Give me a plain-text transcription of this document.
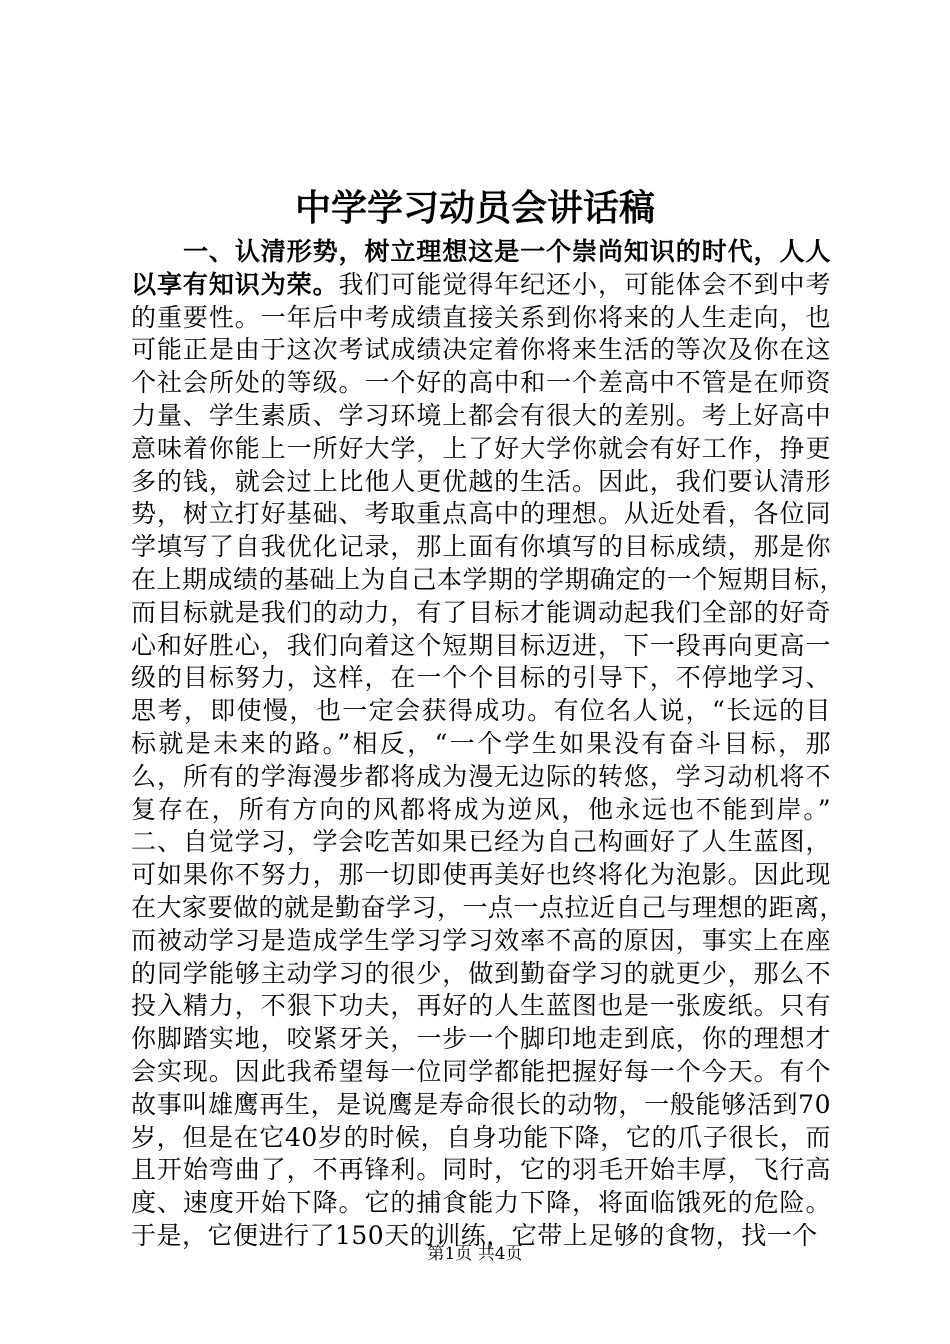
中学学习动员会讲话稿
一、认清形势，树立理想这是一个崇尚知识的时代，人人
以享有知识为荣。我们可能觉得年纪还小，可能体会不到中考
的重要性。一年后中考成绩直接关系到你将来的人生走向，也
可能正是由于这次考试成绩决定着你将来生活的等次及你在这
个社会所处的等级。一个好的高中和一个差高中不管是在师资
力量、学生素质、学习环境上都会有很大的差别。考上好高中
意味着你能上一所好大学，上了好大学你就会有好工作，挣更
多的钱，就会过上比他人更优越的生活。因此，我们要认清形
势，树立打好基础、考取重点高中的理想。从近处看，各位同
学填写了自我优化记录，那上面有你填写的目标成绩，那是你
在上期成绩的基础上为自己本学期的学期确定的一个短期目标，
而目标就是我们的动力，有了目标才能调动起我们全部的好奇
心和好胜心，我们向着这个短期目标迈进，下一段再向更高一
级的目标努力，这样，在一个个目标的引导下，不停地学习、
思考，即使慢，也一定会获得成功。有位名人说，“长远的目
标就是未来的路。”相反，“一个学生如果没有奋斗目标，那
么，所有的学海漫步都将成为漫无边际的转悠，学习动机将不
复存在，所有方向的风都将成为逆风，他永远也不能到岸。”
二、自觉学习，学会吃苦如果已经为自己构画好了人生蓝图，
可如果你不努力，那一切即使再美好也终将化为泡影。因此现
在大家要做的就是勤奋学习，一点一点拉近自己与理想的距离，
而被动学习是造成学生学习学习效率不高的原因，事实上在座
的同学能够主动学习的很少，做到勤奋学习的就更少，那么不
投入精力，不狠下功夫，再好的人生蓝图也是一张废纸。只有
你脚踏实地，咬紧牙关，一步一个脚印地走到底，你的理想才
会实现。因此我希望每一位同学都能把握好每一个今天。有个
故事叫雄鹰再生，是说鹰是寿命很长的动物，一般能够活到70
岁，但是在它40岁的时候，自身功能下降，它的爪子很长，而
且开始弯曲了，不再锋利。同时，它的羽毛开始丰厚，飞行高
度、速度开始下降。它的捕食能力下降，将面临饿死的危险。
于是，它便进行了150天的训练，它带上足够的食物，找一个
第1页 共4页
